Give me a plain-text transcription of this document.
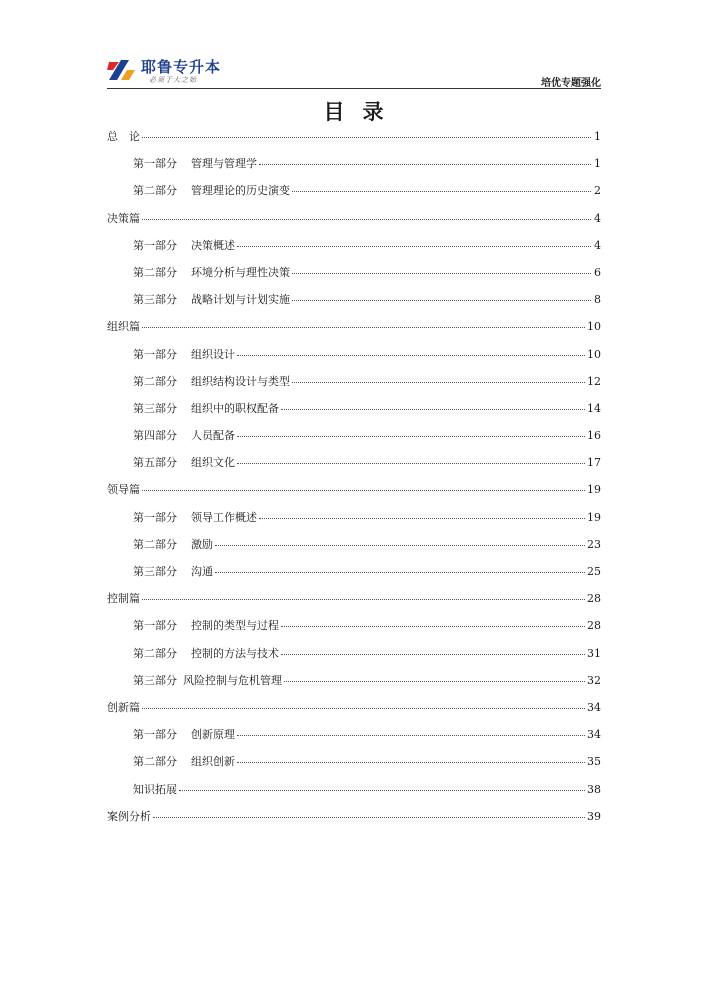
耶鲁专升本
必须于大之始	培优专题强化
目录
总　论	1
第一部分 管理与管理学	1
第二部分 管理理论的历史演变	2
决策篇	4
第一部分 决策概述	4
第二部分 环境分析与理性决策	6
第三部分 战略计划与计划实施	8
组织篇	10
第一部分 组织设计	10
第二部分 组织结构设计与类型	12
第三部分 组织中的职权配备	14
第四部分 人员配备	16
第五部分 组织文化	17
领导篇	19
第一部分 领导工作概述	19
第二部分 激励	23
第三部分 沟通	25
控制篇	28
第一部分 控制的类型与过程	28
第二部分 控制的方法与技术	31
第三部分 风险控制与危机管理	32
创新篇	34
第一部分 创新原理	34
第二部分 组织创新	35
知识拓展	38
案例分析	39
